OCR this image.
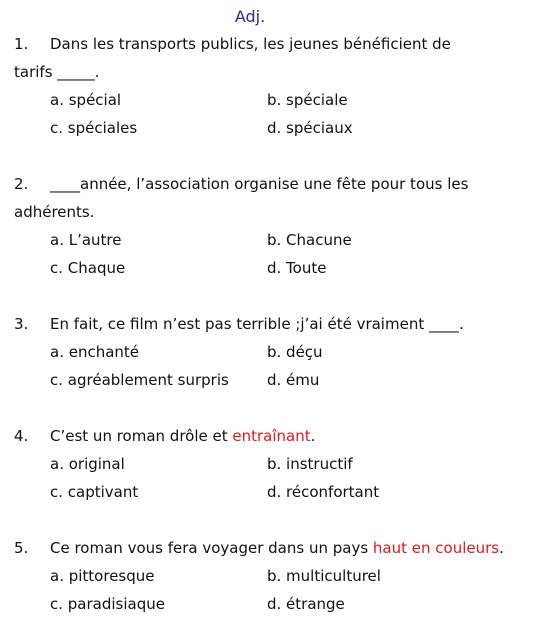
Adj.
1. Dans les transports publics, les jeunes bénéficient de
tarifs _____.
a. spécial	b. spéciale
c. spéciales	d. spéciaux
2. ____année, l’association organise une fête pour tous les
adhérents.
a. L’autre	b. Chacune
c. Chaque	d. Toute
3. En fait, ce film n’est pas terrible ;j’ai été vraiment ____.
a. enchanté	b. déçu
c. agréablement surpris	d. ému
4. C’est un roman drôle et entraînant.
a. original	b. instructif
c. captivant	d. réconfortant
5. Ce roman vous fera voyager dans un pays haut en couleurs.
a. pittoresque	b. multiculturel
c. paradisiaque	d. étrange
